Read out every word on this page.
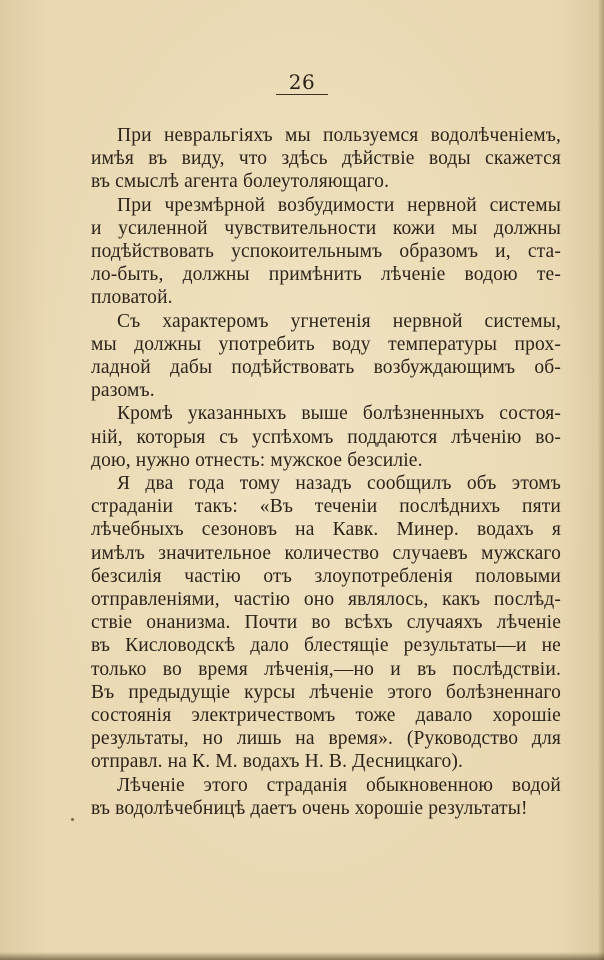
26
При невральгіяхъ мы пользуемся водолѣченіемъ,
имѣя въ виду, что здѣсь дѣйствіе воды скажется
въ смыслѣ агента болеутоляющаго.
При чрезмѣрной возбудимости нервной системы
и усиленной чувствительности кожи мы должны
подѣйствовать успокоительнымъ образомъ и, ста-
ло-быть, должны примѣнить лѣченіе водою те-
пловатой.
Съ характеромъ угнетенія нервной системы,
мы должны употребить воду температуры прох-
ладной дабы подѣйствовать возбуждающимъ об-
разомъ.
Кромѣ указанныхъ выше болѣзненныхъ состоя-
ній, которыя съ успѣхомъ поддаются лѣченію во-
дою, нужно отнесть: мужское безсиліе.
Я два года тому назадъ сообщилъ объ этомъ
страданіи такъ: «Въ теченіи послѣднихъ пяти
лѣчебныхъ сезоновъ на Кавк. Минер. водахъ я
имѣлъ значительное количество случаевъ мужскаго
безсилія частію отъ злоупотребленія половыми
отправленіями, частію оно являлось, какъ послѣд-
ствіе онанизма. Почти во всѣхъ случаяхъ лѣченіе
въ Кисловодскѣ дало блестящіе результаты—и не
только во время лѣченія,—но и въ послѣдствіи.
Въ предыдущіе курсы лѣченіе этого болѣзненнаго
состоянія электричествомъ тоже давало хорошіе
результаты, но лишь на время». (Руководство для
отправл. на К. М. водахъ Н. В. Десницкаго).
Лѣченіе этого страданія обыкновенною водой
въ водолѣчебницѣ даетъ очень хорошіе результаты!
